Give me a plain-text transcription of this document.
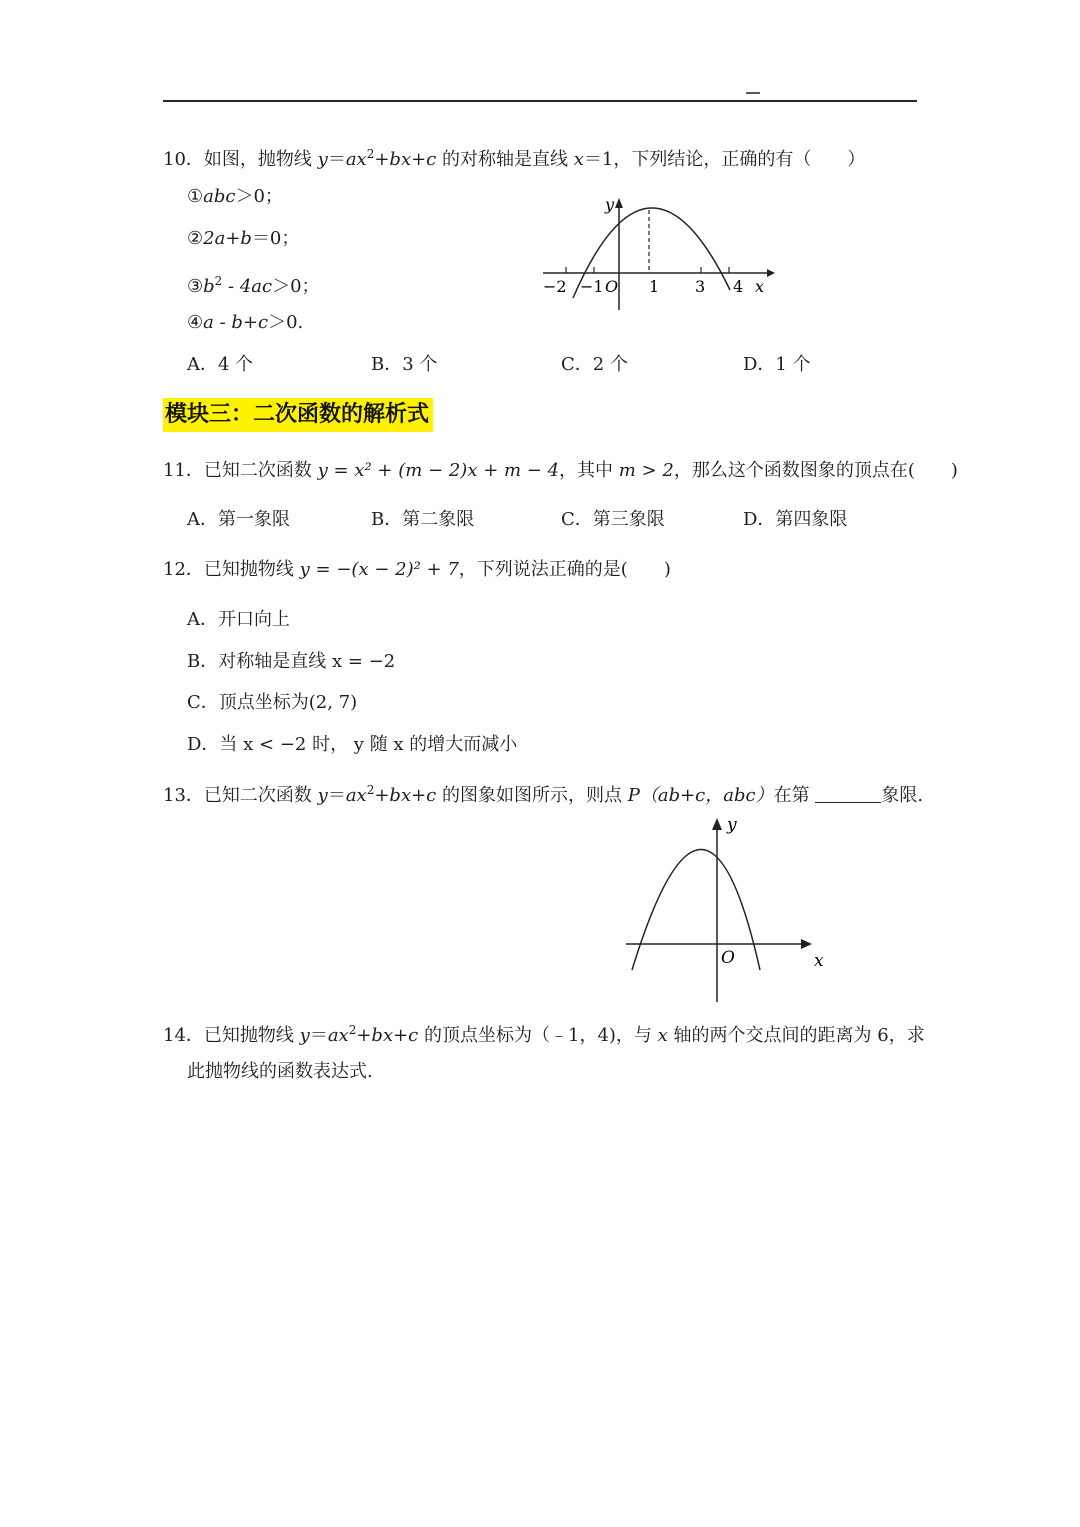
10．如图，抛物线 $y=ax^2+bx+c$ 的对称轴是直线 x＝1，下列结论，正确的有（　　）
①abc＞0；
②2a+b＝0；
$③b^2 - 4ac>0$；
④a - b+c＞0.
y
x
O
−2 −1	1 3 4
A．4 个	B．3 个	C．2 个	D．1 个
模块三：二次函数的解析式
11．已知二次函数 y = x² + (m − 2)x + m − 4，其中 m > 2，那么这个函数图象的顶点在(　　)
A．第一象限	B．第二象限	C．第三象限	D．第四象限
12．已知抛物线 y = −(x − 2)² + 7，下列说法正确的是(　　)
A．开口向上
B．对称轴是直线 x = −2
C．顶点坐标为(2, 7)
D．当 x < −2 时， y 随 x 的增大而减小
13．已知二次函数 $y=ax^2+bx+c$ 的图象如图所示，则点 P（ab+c，abc）在第	象限.
y
x
O
14．已知抛物线 $y=ax^2+bx+c$ 的顶点坐标为（﹣1，4)，与 x 轴的两个交点间的距离为 6，求
此抛物线的函数表达式.
